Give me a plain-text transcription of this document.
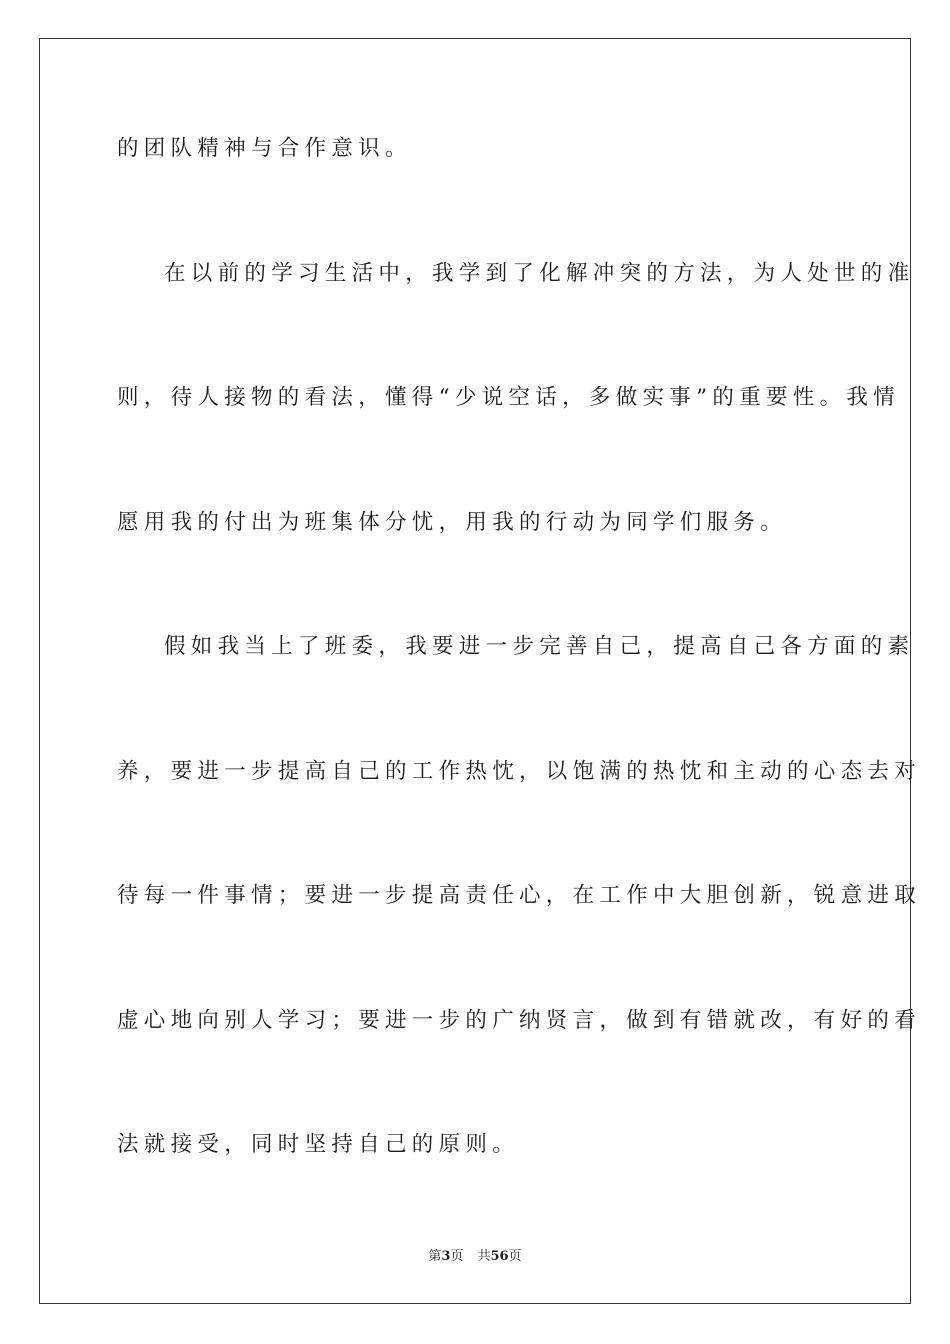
的团队精神与合作意识。
在以前的学习生活中，我学到了化解冲突的方法，为人处世的准
则，待人接物的看法，懂得“少说空话，多做实事”的重要性。我情
愿用我的付出为班集体分忧，用我的行动为同学们服务。
假如我当上了班委，我要进一步完善自己，提高自己各方面的素
养，要进一步提高自己的工作热忱，以饱满的热忱和主动的心态去对
待每一件事情；要进一步提高责任心，在工作中大胆创新，锐意进取
虚心地向别人学习；要进一步的广纳贤言，做到有错就改，有好的看
法就接受，同时坚持自己的原则。
第3页 共56页
